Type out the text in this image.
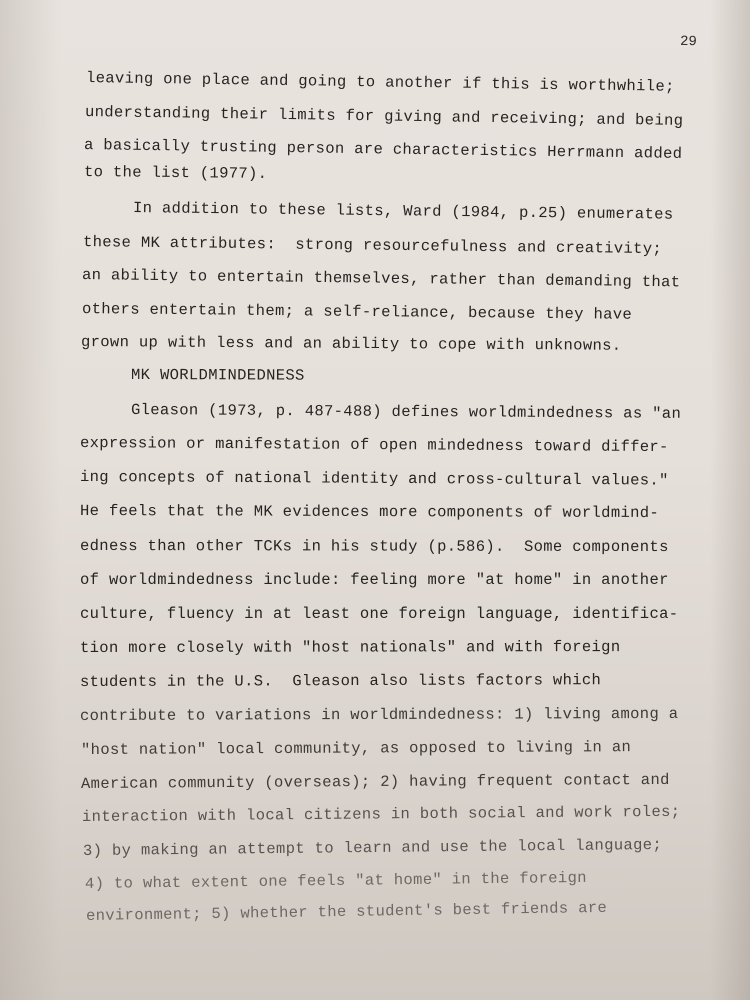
29
leaving one place and going to another if this is worthwhile;
understanding their limits for giving and receiving; and being
a basically trusting person are characteristics Herrmann added
to the list (1977).
In addition to these lists, Ward (1984, p.25) enumerates
these MK attributes:  strong resourcefulness and creativity;
an ability to entertain themselves, rather than demanding that
others entertain them; a self-reliance, because they have
grown up with less and an ability to cope with unknowns.
MK WORLDMINDEDNESS
Gleason (1973, p. 487-488) defines worldmindedness as "an
expression or manifestation of open mindedness toward differ-
ing concepts of national identity and cross-cultural values."
He feels that the MK evidences more components of worldmind-
edness than other TCKs in his study (p.586).  Some components
of worldmindedness include: feeling more "at home" in another
culture, fluency in at least one foreign language, identifica-
tion more closely with "host nationals" and with foreign
students in the U.S.  Gleason also lists factors which
contribute to variations in worldmindedness: 1) living among a
"host nation" local community, as opposed to living in an
American community (overseas); 2) having frequent contact and
interaction with local citizens in both social and work roles;
3) by making an attempt to learn and use the local language;
4) to what extent one feels "at home" in the foreign
environment; 5) whether the student's best friends are
